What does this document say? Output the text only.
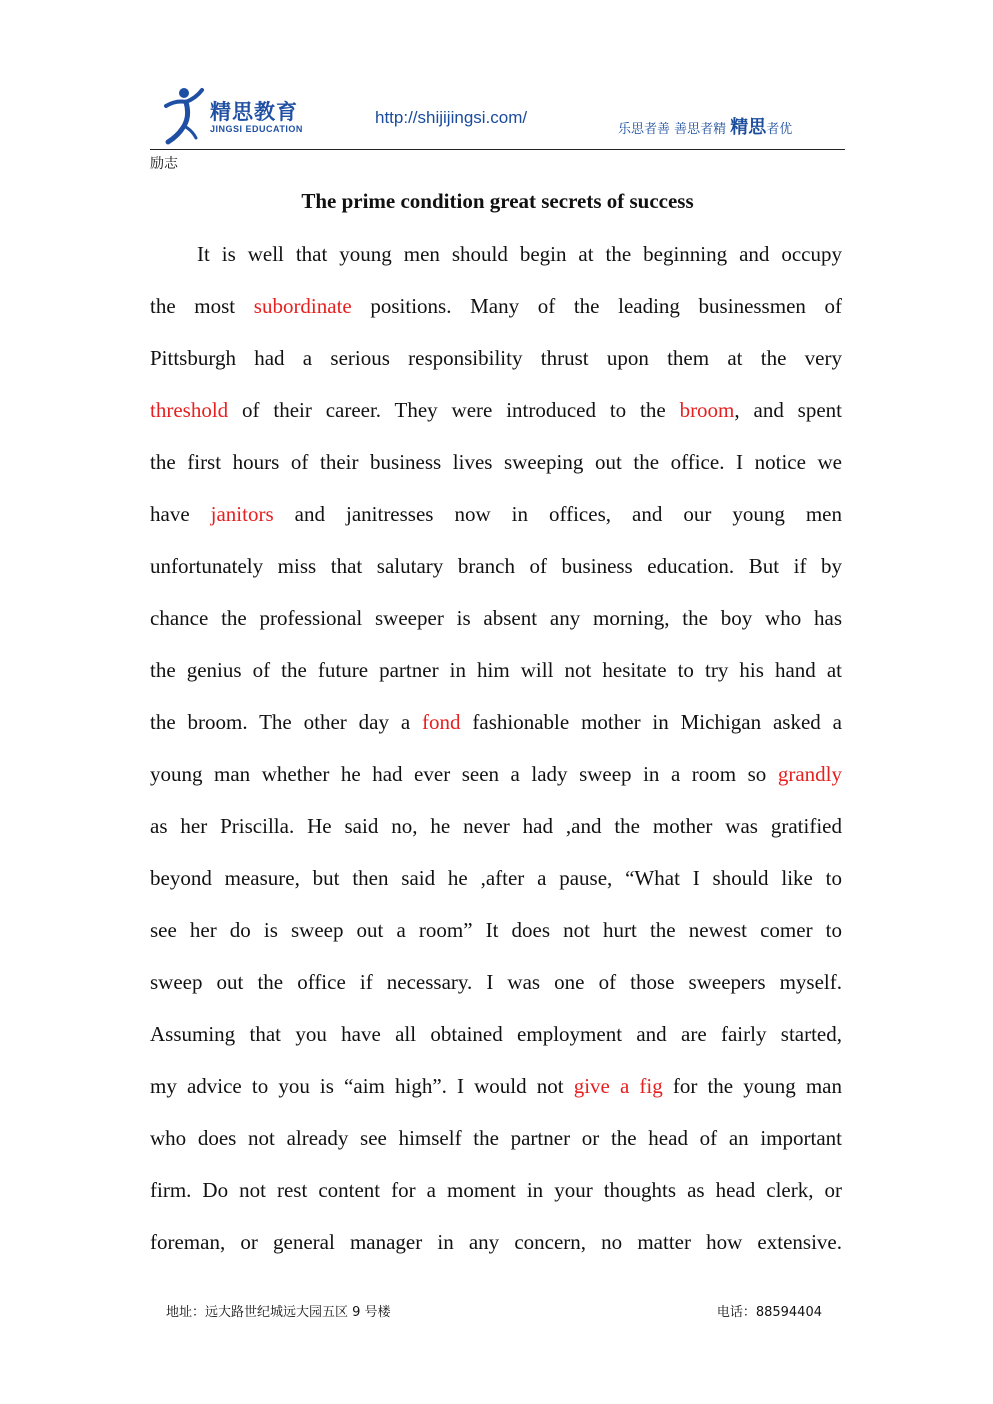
精思教育
JINGSI EDUCATION
http://shijijingsi.com/
乐思者善 善思者精 精思者优
励志
The prime condition great secrets of success
It is well that young men should begin at the beginning and occupy
the most subordinate positions. Many of the leading businessmen of
Pittsburgh had a serious responsibility thrust upon them at the very
threshold of their career. They were introduced to the broom, and spent
the first hours of their business lives sweeping out the office. I notice we
have janitors and janitresses now in offices, and our young men
unfortunately miss that salutary branch of business education. But if by
chance the professional sweeper is absent any morning, the boy who has
the genius of the future partner in him will not hesitate to try his hand at
the broom. The other day a fond fashionable mother in Michigan asked a
young man whether he had ever seen a lady sweep in a room so grandly
as her Priscilla. He said no, he never had ,and the mother was gratified
beyond measure, but then said he ,after a pause, “What I should like to
see her do is sweep out a room” It does not hurt the newest comer to
sweep out the office if necessary. I was one of those sweepers myself.
Assuming that you have all obtained employment and are fairly started,
my advice to you is “aim high”. I would not give a fig for the young man
who does not already see himself the partner or the head of an important
firm. Do not rest content for a moment in your thoughts as head clerk, or
foreman, or general manager in any concern, no matter how extensive.
地址：远大路世纪城远大园五区 9 号楼	电话：88594404
